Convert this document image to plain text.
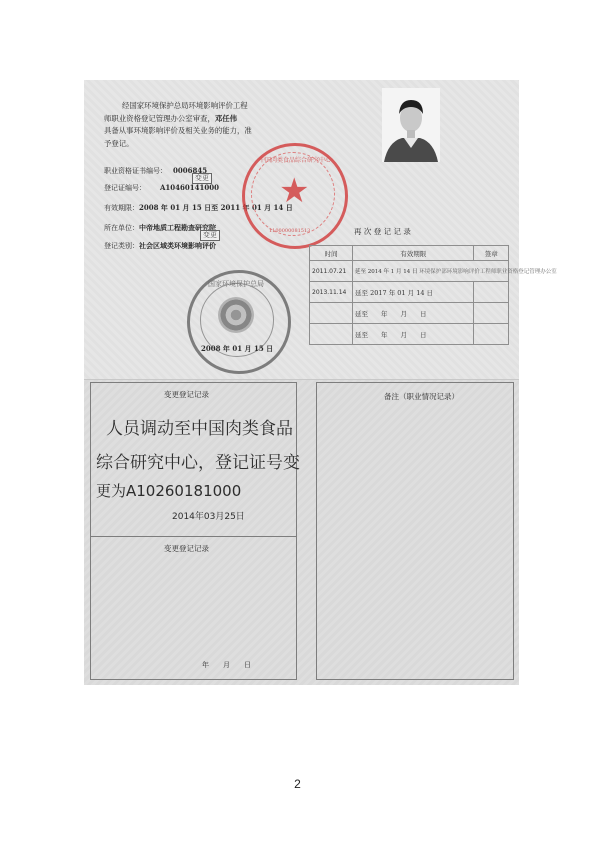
经国家环境保护总局环境影响评价工程
师职业资格登记管理办公室审查，邓任伟
具备从事环境影响评价及相关业务的能力，准
予登记。
职业资格证书编号： 0006845
登记证编号： A10460141000
有效期限：2008 年 01 月 15 日至 2011 年 01 月 14 日
所在单位：中帝地质工程勘查研究院
登记类别：社会区域类环境影响评价
变更
变更
★
中国肉类食品综合研究中心
1100000081513
国家环境保护总局
2008 年 01 月 15 日
再 次 登 记 记 录
时间	有效期限	签章
2011.07.21	延至 2014 年 1 月 14 日 环境保护部环境影响评价工程师职业资格登记管理办公室	
2013.11.14	延至 2017 年 01 月 14 日	
	延至　　年　　月　　日	
	延至　　年　　月　　日	
变更登记记录
人员调动至中国肉类食品
综合研究中心，登记证号变
更为A10260181000
2014年03月25日
变更登记记录
年　　月　　日
备注（职业情况记录）
2
